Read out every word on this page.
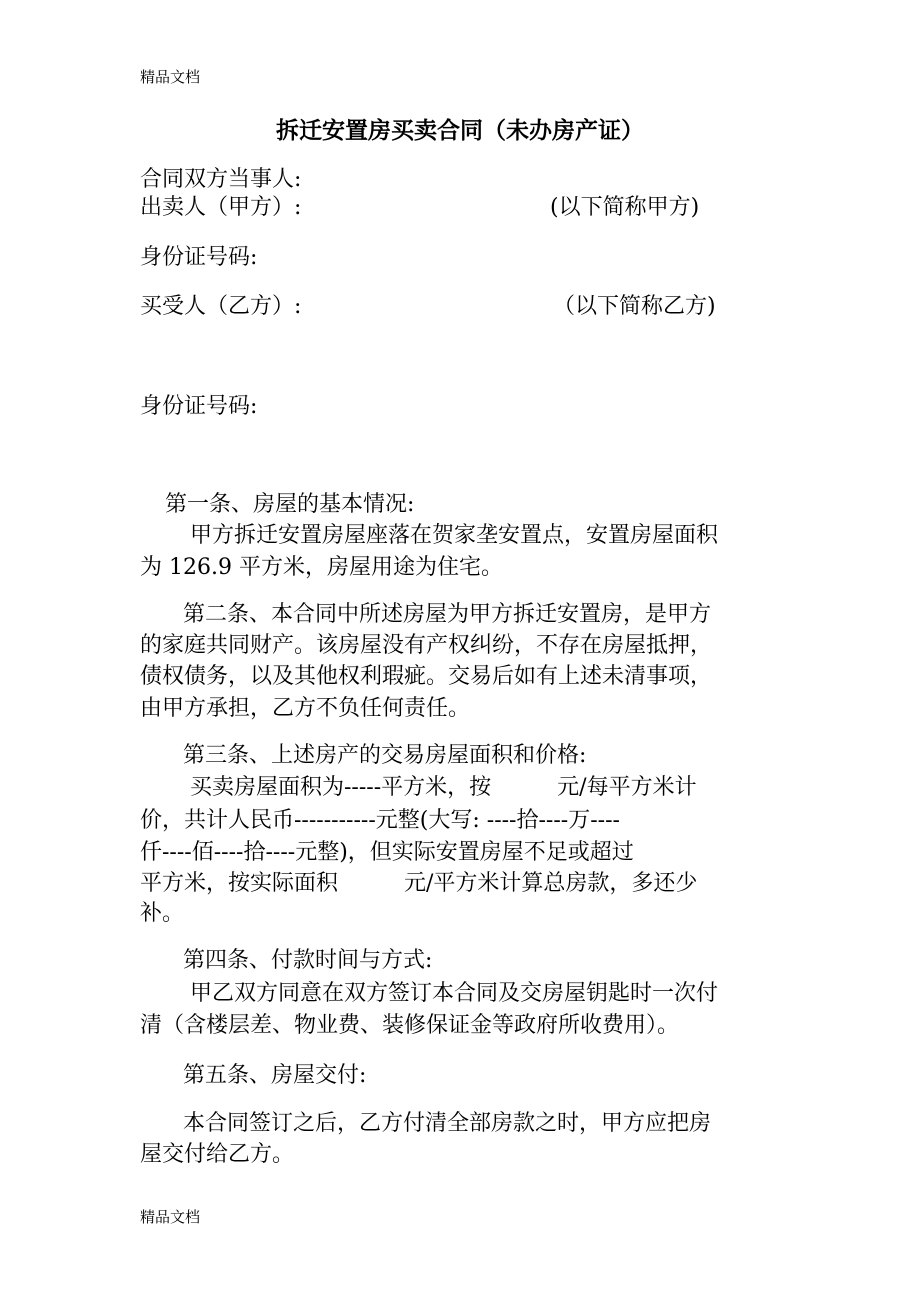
精品文档
拆迁安置房买卖合同（未办房产证）
合同双方当事人:
出卖人（甲方）:	(以下简称甲方)
身份证号码:
买受人（乙方）:	（以下简称乙方)
身份证号码:
第一条、房屋的基本情况:
甲方拆迁安置房屋座落在贺家垄安置点，安置房屋面积
为 126.9 平方米，房屋用途为住宅。
第二条、本合同中所述房屋为甲方拆迁安置房，是甲方
的家庭共同财产。该房屋没有产权纠纷，不存在房屋抵押，
债权债务，以及其他权利瑕疵。交易后如有上述未清事项，
由甲方承担，乙方不负任何责任。
第三条、上述房产的交易房屋面积和价格:
买卖房屋面积为-----平方米，按　　　元/每平方米计
价，共计人民币-----------元整(大写: ----拾----万----
仟----佰----拾----元整)，但实际安置房屋不足或超过
平方米，按实际面积　　　元/平方米计算总房款，多还少
补。
第四条、付款时间与方式:
甲乙双方同意在双方签订本合同及交房屋钥匙时一次付
清（含楼层差、物业费、装修保证金等政府所收费用）。
第五条、房屋交付:
本合同签订之后，乙方付清全部房款之时，甲方应把房
屋交付给乙方。
精品文档
